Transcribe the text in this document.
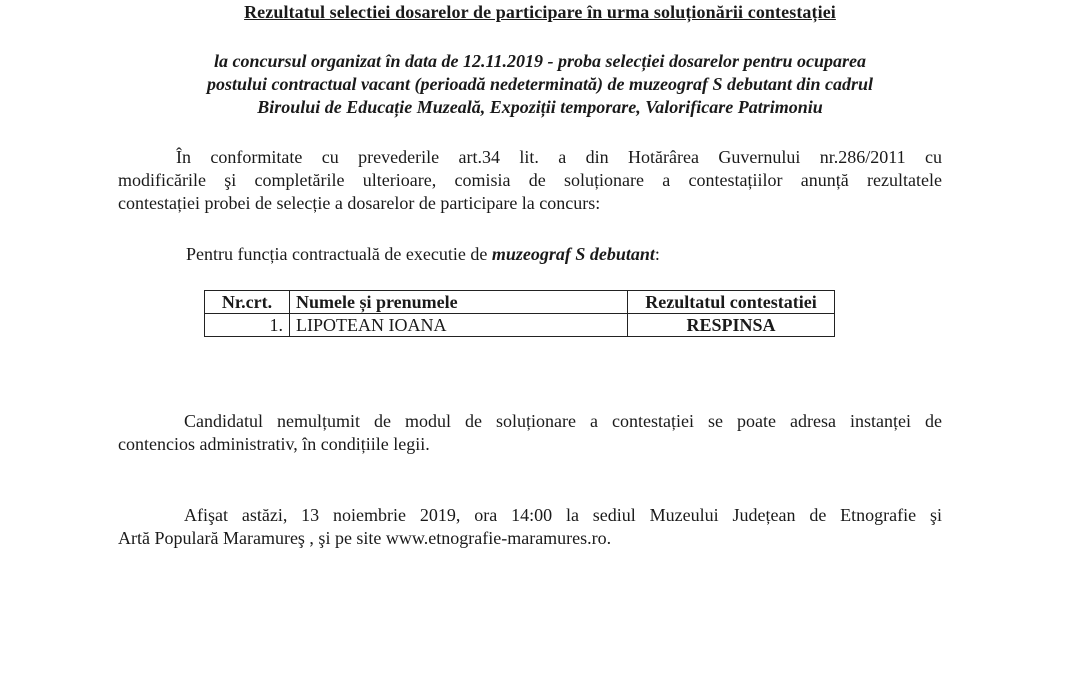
Rezultatul selectiei dosarelor de participare în urma soluționării contestației
la concursul organizat în data de 12.11.2019 - proba selecției dosarelor pentru ocuparea
postului contractual vacant (perioadă nedeterminată) de muzeograf S debutant din cadrul
Biroului de Educație Muzeală, Expoziții temporare, Valorificare Patrimoniu
În conformitate cu prevederile art.34 lit. a din Hotărârea Guvernului nr.286/2011 cu
modificările şi completările ulterioare, comisia de soluționare a contestațiilor anunță rezultatele
contestației probei de selecție a dosarelor de participare la concurs:
Pentru funcția contractuală de executie de muzeograf S debutant:
Nr.crt.	Numele și prenumele	Rezultatul contestatiei
1.	LIPOTEAN IOANA	RESPINSA
Candidatul nemulțumit de modul de soluționare a contestației se poate adresa instanței de
contencios administrativ, în condițiile legii.
Afişat astăzi, 13 noiembrie 2019, ora 14:00 la sediul Muzeului Județean de Etnografie şi
Artă Populară Maramureş , şi pe site www.etnografie-maramures.ro.
